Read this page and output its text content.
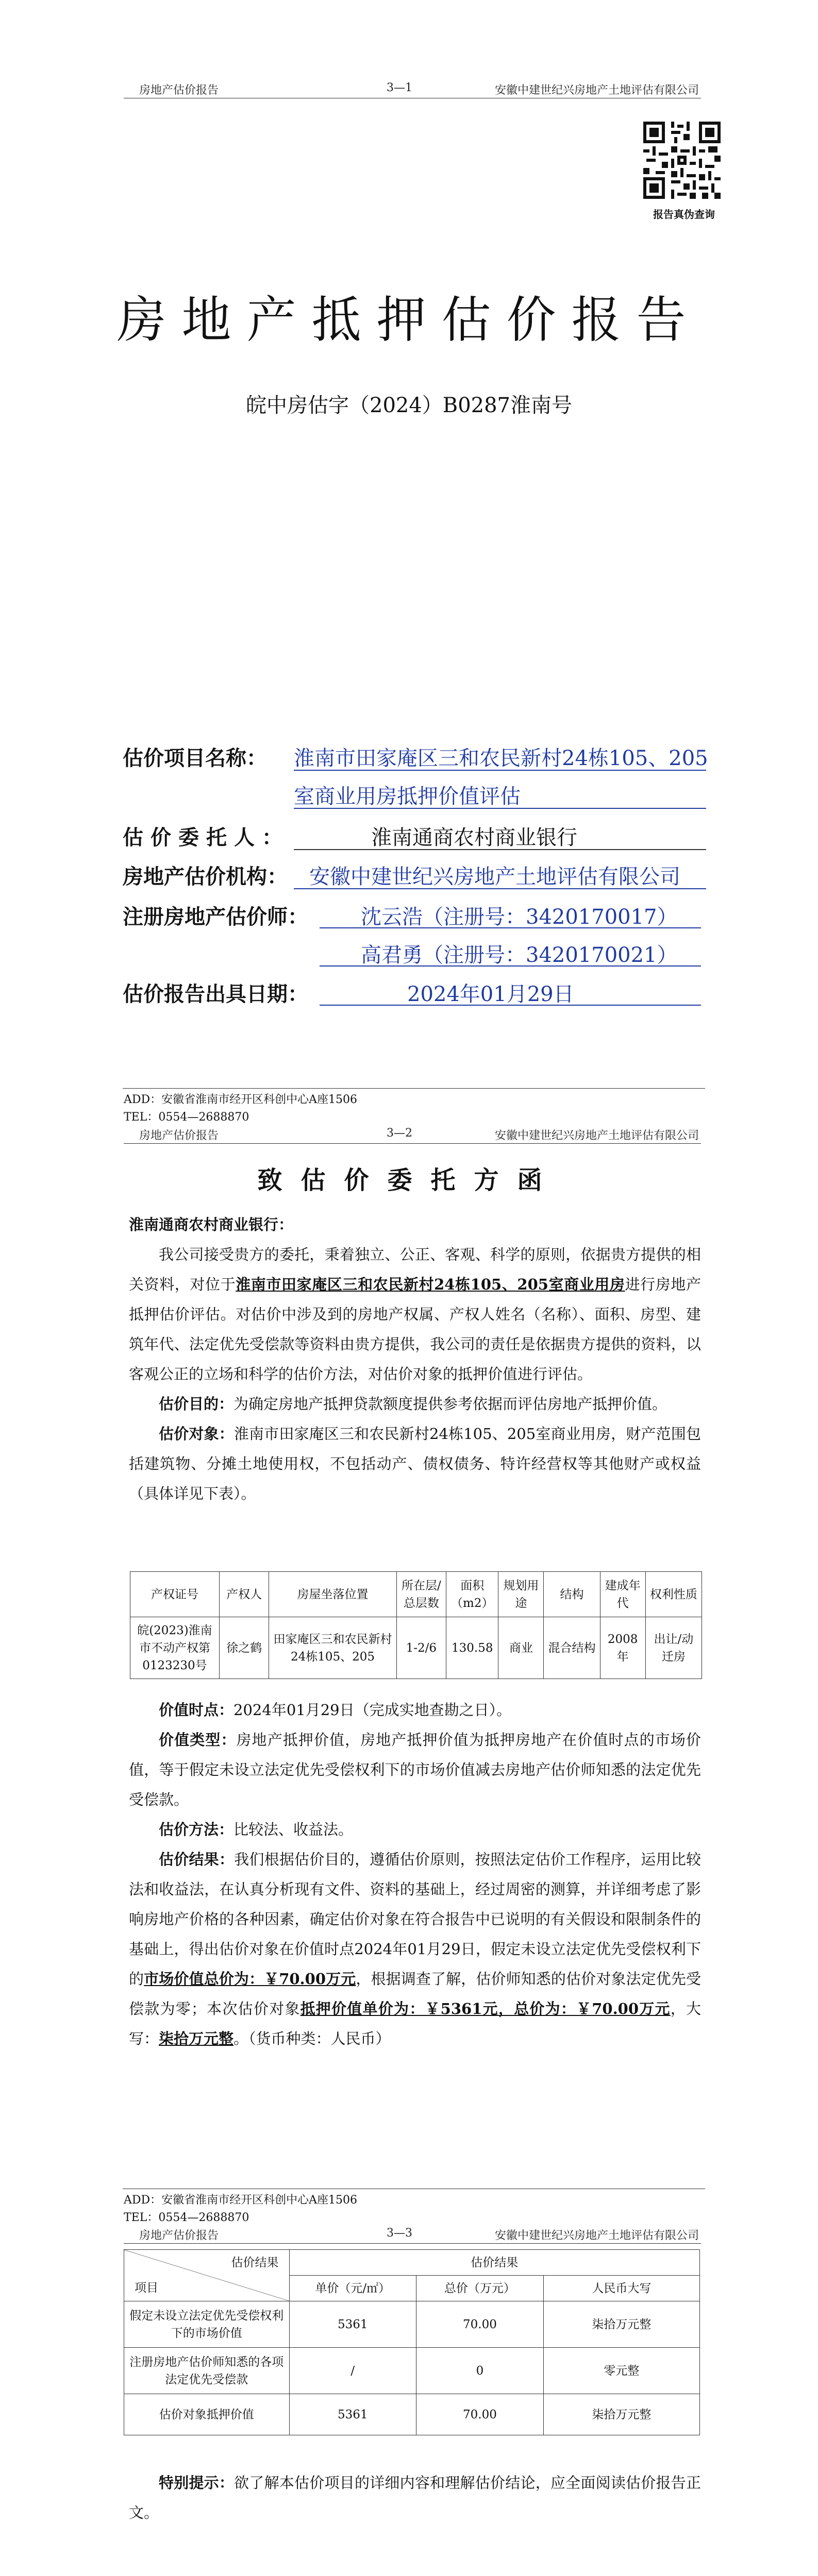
房地产估价报告	3—1	安徽中建世纪兴房地产土地评估有限公司
报告真伪查询
房地产抵押估价报告
皖中房估字（2024）B0287淮南号
估价项目名称： 淮南市田家庵区三和农民新村24栋105、205
室商业用房抵押价值评估
估价委托人：	淮南通商农村商业银行
房地产估价机构： 安徽中建世纪兴房地产土地评估有限公司
注册房地产估价师：	沈云浩（注册号：3420170017）
高君勇（注册号：3420170021）
估价报告出具日期：	2024年01月29日
ADD：安徽省淮南市经开区科创中心A座1506
TEL：0554—2688870
房地产估价报告	3—2	安徽中建世纪兴房地产土地评估有限公司
致估价委托方函
淮南通商农村商业银行：
我公司接受贵方的委托，秉着独立、公正、客观、科学的原则，依据贵方提供的相关资料，对位于淮南市田家庵区三和农民新村24栋105、205室商业用房进行房地产抵押估价评估。对估价中涉及到的房地产权属、产权人姓名（名称）、面积、房型、建筑年代、法定优先受偿款等资料由贵方提供，我公司的责任是依据贵方提供的资料，以客观公正的立场和科学的估价方法，对估价对象的抵押价值进行评估。
估价目的：为确定房地产抵押贷款额度提供参考依据而评估房地产抵押价值。
估价对象：淮南市田家庵区三和农民新村24栋105、205室商业用房，财产范围包括建筑物、分摊土地使用权，不包括动产、债权债务、特许经营权等其他财产或权益（具体详见下表）。
产权证号	产权人	房屋坐落位置	所在层/总层数	面积（m2）	规划用途	结构	建成年代	权利性质
皖(2023)淮南市不动产权第0123230号	徐之鹤	田家庵区三和农民新村24栋105、205	1-2/6	130.58	商业	混合结构	2008年	出让/动迁房
价值时点：2024年01月29日（完成实地查勘之日）。
价值类型：房地产抵押价值，房地产抵押价值为抵押房地产在价值时点的市场价值，等于假定未设立法定优先受偿权利下的市场价值减去房地产估价师知悉的法定优先受偿款。
估价方法：比较法、收益法。
估价结果：我们根据估价目的，遵循估价原则，按照法定估价工作程序，运用比较法和收益法，在认真分析现有文件、资料的基础上，经过周密的测算，并详细考虑了影响房地产价格的各种因素，确定估价对象在符合报告中已说明的有关假设和限制条件的基础上，得出估价对象在价值时点2024年01月29日，假定未设立法定优先受偿权利下的市场价值总价为：￥70.00万元，根据调查了解，估价师知悉的估价对象法定优先受偿款为零；本次估价对象抵押价值单价为：￥5361元，总价为：￥70.00万元，大写：柒拾万元整。（货币种类：人民币）
ADD：安徽省淮南市经开区科创中心A座1506
TEL：0554—2688870
房地产估价报告	3—3	安徽中建世纪兴房地产土地评估有限公司
估价结果
项目	估价结果		
	单价（元/㎡）	总价（万元）	人民币大写
假定未设立法定优先受偿权利下的市场价值	5361	70.00	柒拾万元整
注册房地产估价师知悉的各项法定优先受偿款	/	0	零元整
估价对象抵押价值	5361	70.00	柒拾万元整
特别提示：欲了解本估价项目的详细内容和理解估价结论，应全面阅读估价报告正文。
